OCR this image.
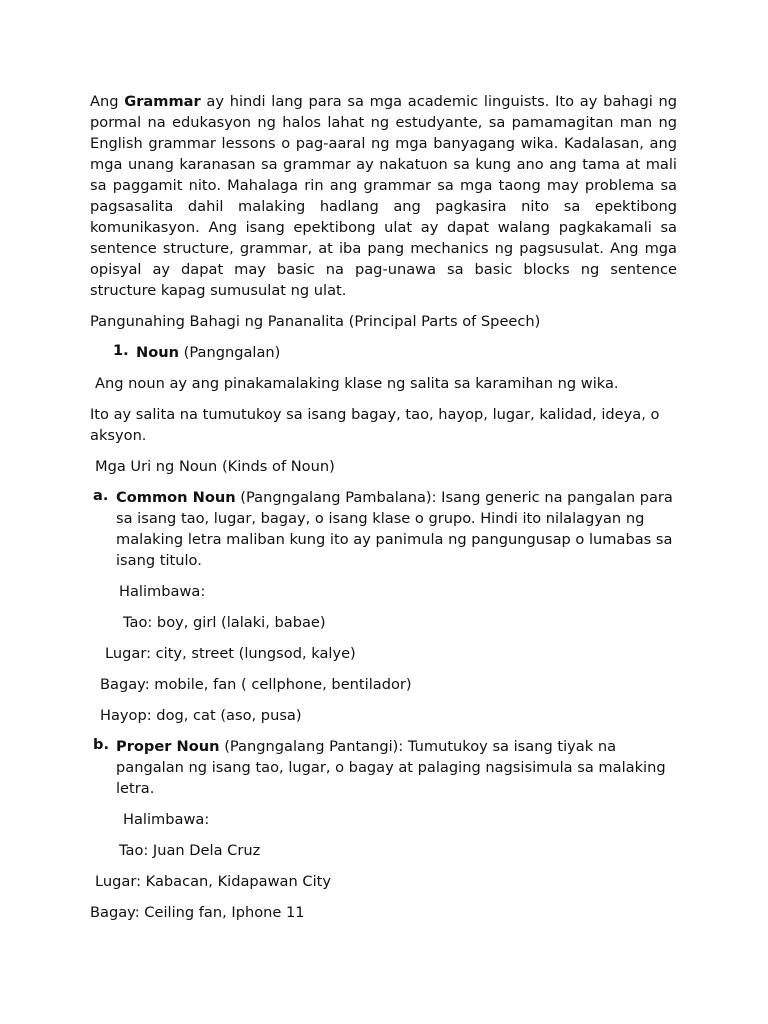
Ang Grammar ay hindi lang para sa mga academic linguists. Ito ay bahagi ng pormal na edukasyon ng halos lahat ng estudyante, sa pamamagitan man ng English grammar lessons o pag-aaral ng mga banyagang wika. Kadalasan, ang mga unang karanasan sa grammar ay nakatuon sa kung ano ang tama at mali sa paggamit nito. Mahalaga rin ang grammar sa mga taong may problema sa pagsasalita dahil malaking hadlang ang pagkasira nito sa epektibong komunikasyon. Ang isang epektibong ulat ay dapat walang pagkakamali sa sentence structure, grammar, at iba pang mechanics ng pagsusulat. Ang mga opisyal ay dapat may basic na pag-unawa sa basic blocks ng sentence structure kapag sumusulat ng ulat.

Pangunahing Bahagi ng Pananalita (Principal Parts of Speech)

1. Noun (Pangngalan)

Ang noun ay ang pinakamalaking klase ng salita sa karamihan ng wika.

Ito ay salita na tumutukoy sa isang bagay, tao, hayop, lugar, kalidad, ideya, o aksyon.

Mga Uri ng Noun (Kinds of Noun)

a. Common Noun (Pangngalang Pambalana): Isang generic na pangalan para sa isang tao, lugar, bagay, o isang klase o grupo. Hindi ito nilalagyan ng malaking letra maliban kung ito ay panimula ng pangungusap o lumabas sa isang titulo.

Halimbawa:

Tao: boy, girl (lalaki, babae)

Lugar: city, street (lungsod, kalye)

Bagay: mobile, fan ( cellphone, bentilador)

Hayop: dog, cat (aso, pusa)

b. Proper Noun (Pangngalang Pantangi): Tumutukoy sa isang tiyak na pangalan ng isang tao, lugar, o bagay at palaging nagsisimula sa malaking letra.

Halimbawa:

Tao: Juan Dela Cruz

Lugar: Kabacan, Kidapawan City

Bagay: Ceiling fan, Iphone 11
